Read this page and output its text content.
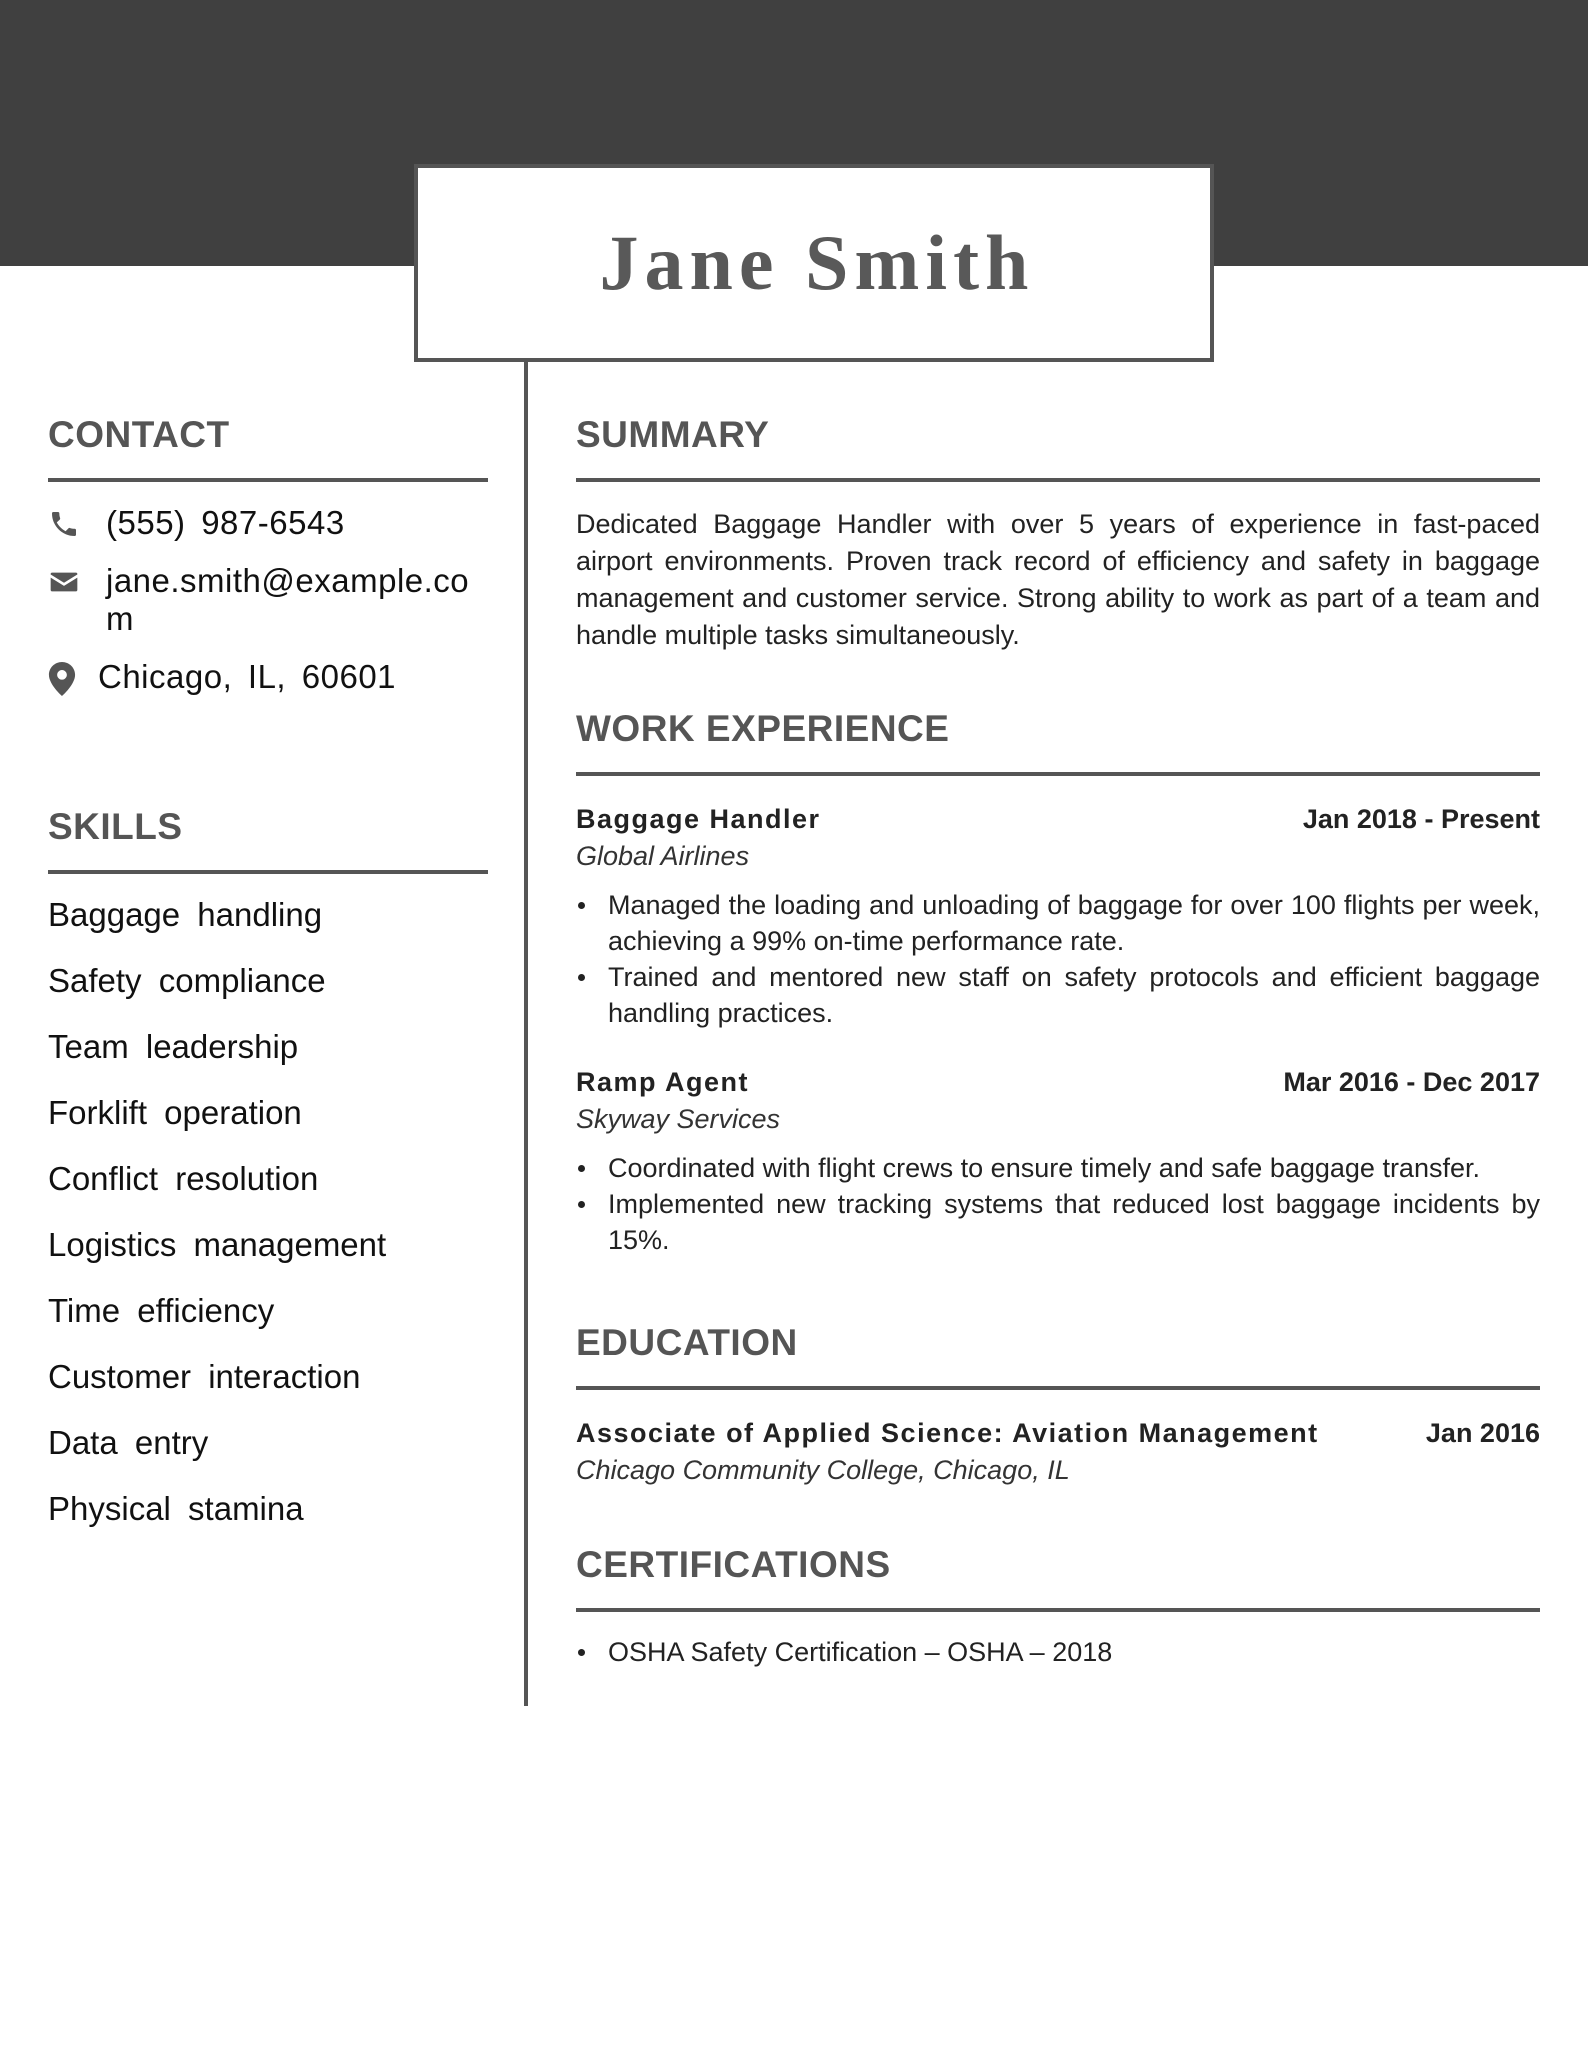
Jane Smith
CONTACT
(555) 987-6543
jane.smith@example.com
Chicago, IL, 60601
SKILLS
Baggage handling
Safety compliance
Team leadership
Forklift operation
Conflict resolution
Logistics management
Time efficiency
Customer interaction
Data entry
Physical stamina
SUMMARY

Dedicated Baggage Handler with over 5 years of experience in fast-paced airport environments. Proven track record of efficiency and safety in baggage management and customer service. Strong ability to work as part of a team and handle multiple tasks simultaneously.

WORK EXPERIENCE
Baggage Handler	Jan 2018 - Present
Global Airlines
Managed the loading and unloading of baggage for over 100 flights per week, achieving a 99% on-time performance rate.
Trained and mentored new staff on safety protocols and efficient baggage handling practices.
Ramp Agent	Mar 2016 - Dec 2017
Skyway Services
Coordinated with flight crews to ensure timely and safe baggage transfer.
Implemented new tracking systems that reduced lost baggage incidents by 15%.
EDUCATION
Associate of Applied Science: Aviation Management	Jan 2016
Chicago Community College, Chicago, IL
CERTIFICATIONS
OSHA Safety Certification – OSHA – 2018
